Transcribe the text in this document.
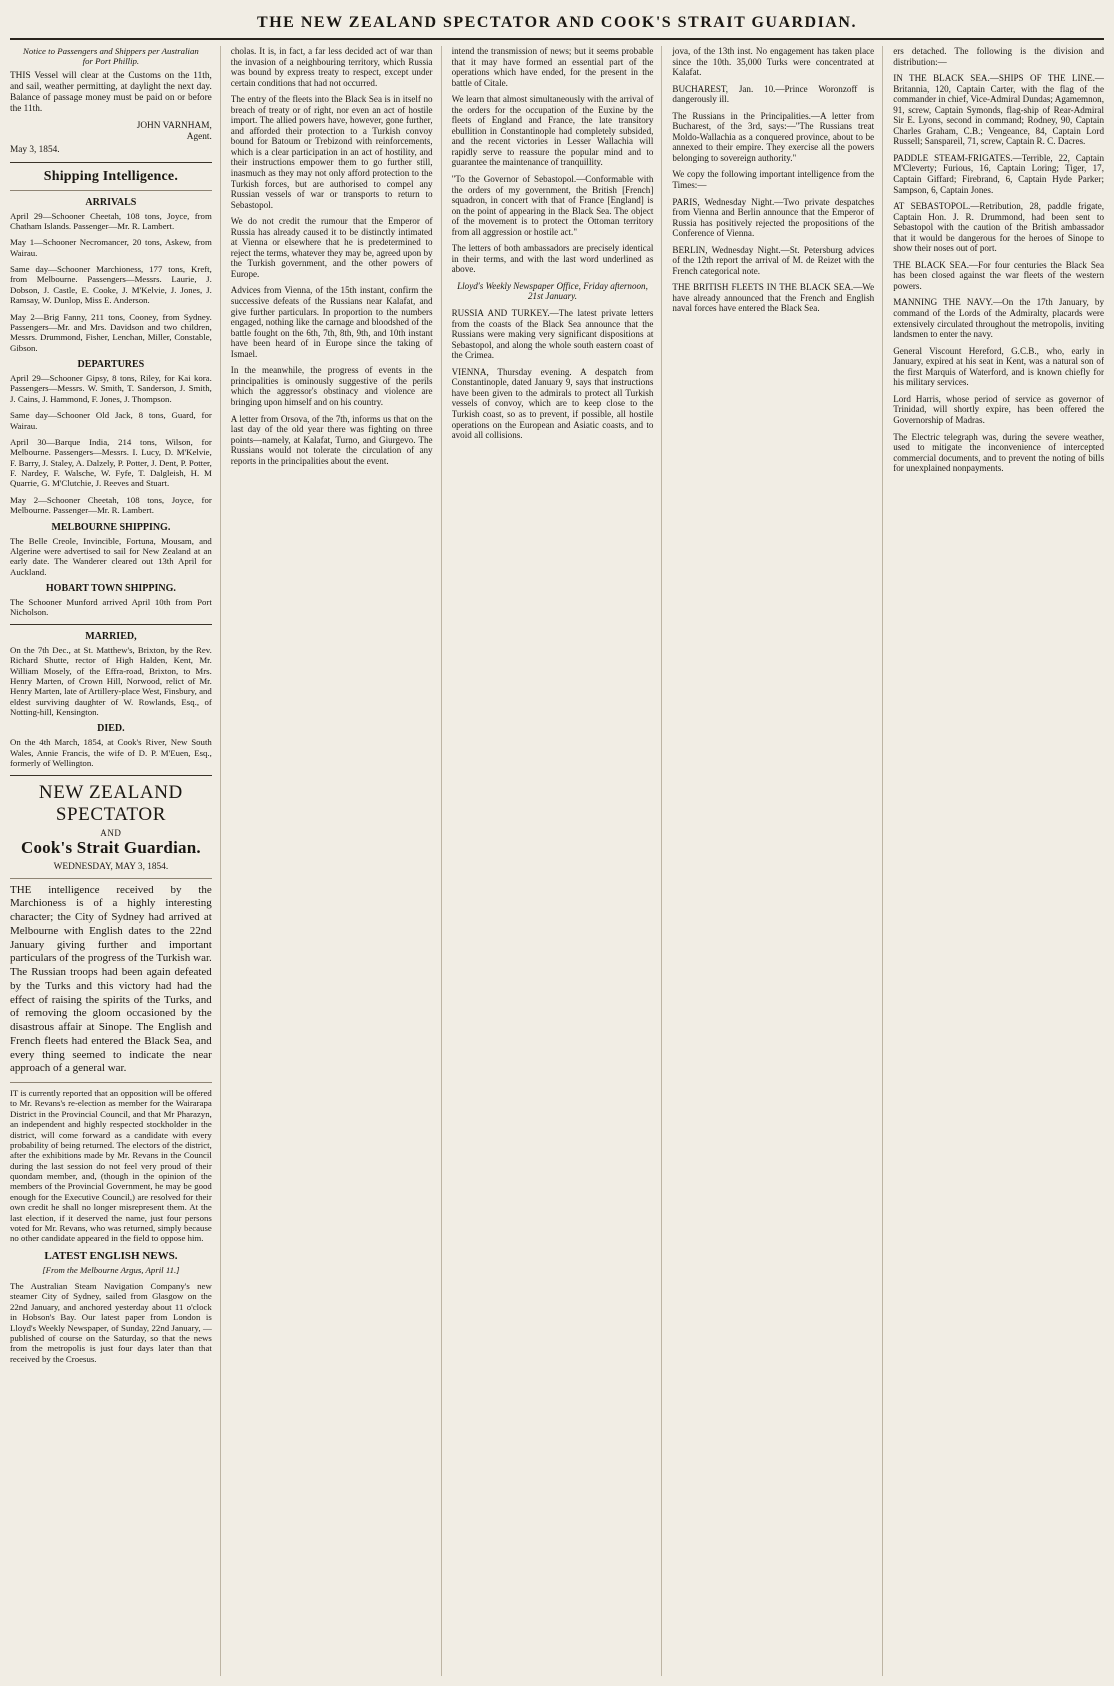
THE NEW ZEALAND SPECTATOR AND COOK'S STRAIT GUARDIAN.
Notice to Passengers and Shippers per Australian
for Port Phillip.
THIS Vessel will clear at the Customs on the 11th, and sail, weather permitting, at daylight the next day. Balance of passage money must be paid on or before the 11th.
JOHN VARNHAM,
Agent.
May 3, 1854.
Shipping Intelligence.
ARRIVALS
April 29—Schooner Cheetah, 108 tons, Joyce, from Chatham Islands. Passenger—Mr. R. Lambert.
May 1—Schooner Necromancer, 20 tons, Askew, from Wairau.
Same day—Schooner Marchioness, 177 tons, Kreft, from Melbourne. Passengers—Messrs. Laurie, J. Dobson, J. Castle, E. Cooke, J. M'Kelvie, J. Jones, J. Ramsay, W. Dunlop, Miss E. Anderson.
May 2—Brig Fanny, 211 tons, Cooney, from Sydney. Passengers—Mr. and Mrs. Davidson and two children, Messrs. Drummond, Fisher, Lenchan, Miller, Constable, Gibson.
DEPARTURES
April 29—Schooner Gipsy, 8 tons, Riley, for Kai kora. Passengers—Messrs. W. Smith, T. Sanderson, J. Smith, J. Cains, J. Hammond, F. Jones, J. Thompson.
Same day—Schooner Old Jack, 8 tons, Guard, for Wairau.
April 30—Barque India, 214 tons, Wilson, for Melbourne. Passengers—Messrs. I. Lucy, D. M'Kelvie, F. Barry, J. Staley, A. Dalzely, P. Potter, J. Dent, P. Potter, F. Nardey, F. Walsche, W. Fyfe, T. Dalgleish, H. M Quarrie, G. M'Clutchie, J. Reeves and Stuart.
May 2—Schooner Cheetah, 108 tons, Joyce, for Melbourne. Passenger—Mr. R. Lambert.
MELBOURNE SHIPPING.
The Belle Creole, Invincible, Fortuna, Mousam, and Algerine were advertised to sail for New Zealand at an early date. The Wanderer cleared out 13th April for Auckland.
HOBART TOWN SHIPPING.
The Schooner Munford arrived April 10th from Port Nicholson.
MARRIED,
On the 7th Dec., at St. Matthew's, Brixton, by the Rev. Richard Shutte, rector of High Halden, Kent, Mr. William Mosely, of the Effra-road, Brixton, to Mrs. Henry Marten, of Crown Hill, Norwood, relict of Mr. Henry Marten, late of Artillery-place West, Finsbury, and eldest surviving daughter of W. Rowlands, Esq., of Notting-hill, Kensington.
DIED.
On the 4th March, 1854, at Cook's River, New South Wales, Annie Francis, the wife of D. P. M'Euen, Esq., formerly of Wellington.
NEW ZEALAND SPECTATOR
AND
Cook's Strait Guardian.
WEDNESDAY, MAY 3, 1854.
THE intelligence received by the Marchioness is of a highly interesting character; the City of Sydney had arrived at Melbourne with English dates to the 22nd January giving further and important particulars of the progress of the Turkish war. The Russian troops had been again defeated by the Turks and this victory had had the effect of raising the spirits of the Turks, and of removing the gloom occasioned by the disastrous affair at Sinope. The English and French fleets had entered the Black Sea, and every thing seemed to indicate the near approach of a general war.
IT is currently reported that an opposition will be offered to Mr. Revans's re-election as member for the Wairarapa District in the Provincial Council, and that Mr Pharazyn, an independent and highly respected stockholder in the district, will come forward as a candidate with every probability of being returned. The electors of the district, after the exhibitions made by Mr. Revans in the Council during the last session do not feel very proud of their quondam member, and, (though in the opinion of the members of the Provincial Government, he may be good enough for the Executive Council,) are resolved for their own credit he shall no longer misrepresent them. At the last election, if it deserved the name, just four persons voted for Mr. Revans, who was returned, simply because no other candidate appeared in the field to oppose him.
LATEST ENGLISH NEWS.
[From the Melbourne Argus, April 11.]
The Australian Steam Navigation Company's new steamer City of Sydney, sailed from Glasgow on the 22nd January, and anchored yesterday about 11 o'clock in Hobson's Bay. Our latest paper from London is Lloyd's Weekly Newspaper, of Sunday, 22nd January, —published of course on the Saturday, so that the news from the metropolis is just four days later than that received by the Croesus.

cholas. It is, in fact, a far less decided act of war than the invasion of a neighbouring territory, which Russia was bound by express treaty to respect, except under certain conditions that had not occurred.

The entry of the fleets into the Black Sea is in itself no breach of treaty or of right, nor even an act of hostile import. The allied powers have, however, gone further, and afforded their protection to a Turkish convoy bound for Batoum or Trebizond with reinforcements, which is a clear participation in an act of hostility, and their instructions empower them to go further still, inasmuch as they may not only afford protection to the Turkish forces, but are authorised to compel any Russian vessels of war or transports to return to Sebastopol.

We do not credit the rumour that the Emperor of Russia has already caused it to be distinctly intimated at Vienna or elsewhere that he is predetermined to reject the terms, whatever they may be, agreed upon by the Turkish government, and the other powers of Europe.

Advices from Vienna, of the 15th instant, confirm the successive defeats of the Russians near Kalafat, and give further particulars. In proportion to the numbers engaged, nothing like the carnage and bloodshed of the battle fought on the 6th, 7th, 8th, 9th, and 10th instant have been heard of in Europe since the taking of Ismael.

In the meanwhile, the progress of events in the principalities is ominously suggestive of the perils which the aggressor's obstinacy and violence are bringing upon himself and on his country.

A letter from Orsova, of the 7th, informs us that on the last day of the old year there was fighting on three points—namely, at Kalafat, Turno, and Giurgevo. The Russians would not tolerate the circulation of any reports in the principalities about the event.

intend the transmission of news; but it seems probable that it may have formed an essential part of the operations which have ended, for the present in the battle of Citale.

We learn that almost simultaneously with the arrival of the orders for the occupation of the Euxine by the fleets of England and France, the late transitory ebullition in Constantinople had completely subsided, and the recent victories in Lesser Wallachia will rapidly serve to reassure the popular mind and to guarantee the maintenance of tranquillity.

"To the Governor of Sebastopol.—Conformable with the orders of my government, the British [French] squadron, in concert with that of France [England] is on the point of appearing in the Black Sea. The object of the movement is to protect the Ottoman territory from all aggression or hostile act."

The letters of both ambassadors are precisely identical in their terms, and with the last word underlined as above.

Lloyd's Weekly Newspaper Office, Friday afternoon, 21st January.

RUSSIA AND TURKEY.—The latest private letters from the coasts of the Black Sea announce that the Russians were making very significant dispositions at Sebastopol, and along the whole south eastern coast of the Crimea.

VIENNA, Thursday evening. A despatch from Constantinople, dated January 9, says that instructions have been given to the admirals to protect all Turkish vessels of convoy, which are to keep close to the Turkish coast, so as to prevent, if possible, all hostile operations on the European and Asiatic coasts, and to avoid all collisions.

jova, of the 13th inst. No engagement has taken place since the 10th. 35,000 Turks were concentrated at Kalafat.

BUCHAREST, Jan. 10.—Prince Woronzoff is dangerously ill.

The Russians in the Principalities.—A letter from Bucharest, of the 3rd, says:—"The Russians treat Moldo-Wallachia as a conquered province, about to be annexed to their empire. They exercise all the powers belonging to sovereign authority."

We copy the following important intelligence from the Times:—

PARIS, Wednesday Night.—Two private despatches from Vienna and Berlin announce that the Emperor of Russia has positively rejected the propositions of the Conference of Vienna.

BERLIN, Wednesday Night.—St. Petersburg advices of the 12th report the arrival of M. de Reizet with the French categorical note.

THE BRITISH FLEETS IN THE BLACK SEA.—We have already announced that the French and English naval forces have entered the Black Sea.

ers detached. The following is the division and distribution:—

IN THE BLACK SEA.—SHIPS OF THE LINE.—Britannia, 120, Captain Carter, with the flag of the commander in chief, Vice-Admiral Dundas; Agamemnon, 91, screw, Captain Symonds, flag-ship of Rear-Admiral Sir E. Lyons, second in command; Rodney, 90, Captain Charles Graham, C.B.; Vengeance, 84, Captain Lord Russell; Sanspareil, 71, screw, Captain R. C. Dacres.

PADDLE STEAM-FRIGATES.—Terrible, 22, Captain M'Cleverty; Furious, 16, Captain Loring; Tiger, 17, Captain Giffard; Firebrand, 6, Captain Hyde Parker; Sampson, 6, Captain Jones.

AT SEBASTOPOL.—Retribution, 28, paddle frigate, Captain Hon. J. R. Drummond, had been sent to Sebastopol with the caution of the British ambassador that it would be dangerous for the heroes of Sinope to show their noses out of port.

THE BLACK SEA.—For four centuries the Black Sea has been closed against the war fleets of the western powers.

MANNING THE NAVY.—On the 17th January, by command of the Lords of the Admiralty, placards were extensively circulated throughout the metropolis, inviting landsmen to enter the navy.

General Viscount Hereford, G.C.B., who, early in January, expired at his seat in Kent, was a natural son of the first Marquis of Waterford, and is known chiefly for his military services.

Lord Harris, whose period of service as governor of Trinidad, will shortly expire, has been offered the Governorship of Madras.

The Electric telegraph was, during the severe weather, used to mitigate the inconvenience of intercepted commercial documents, and to prevent the noting of bills for unexplained nonpayments.
